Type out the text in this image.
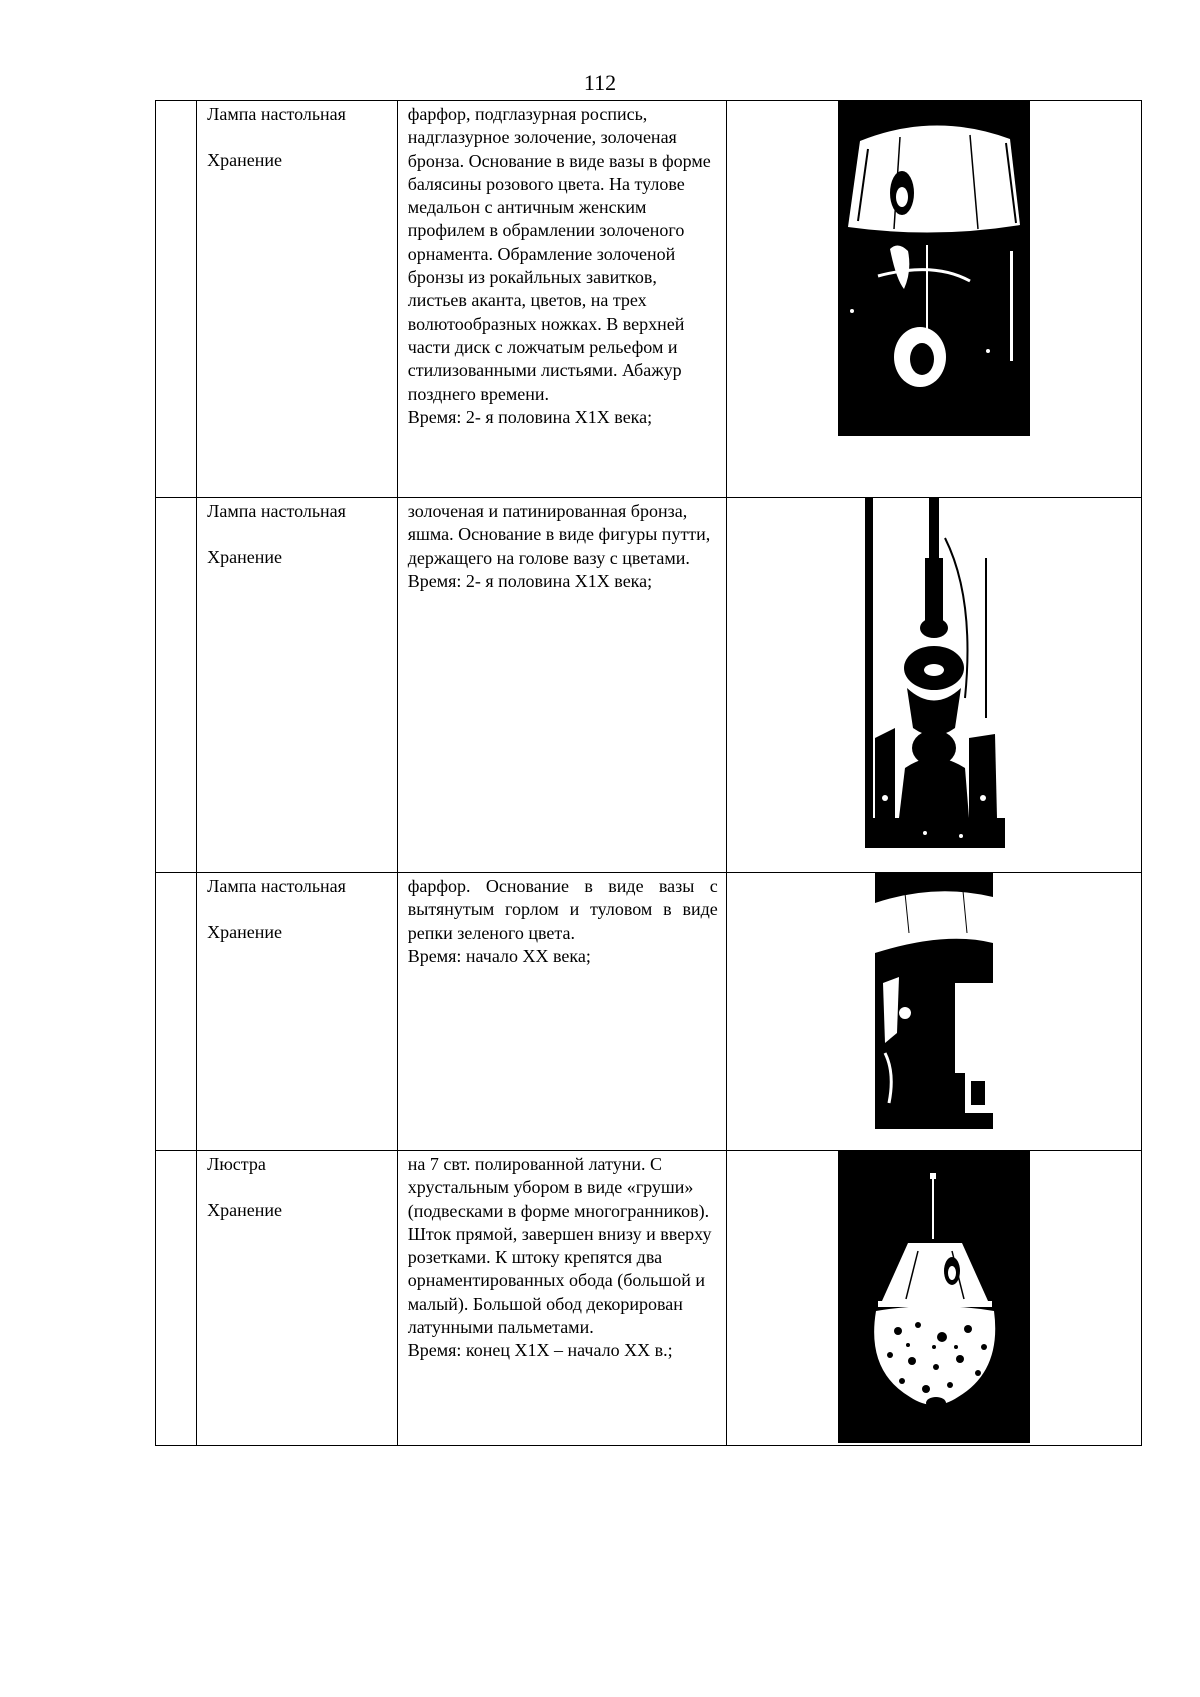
112
	Лампа настольная
Хранение	фарфор, подглазурная роспись, надглазурное золочение, золоченая бронза. Основание в виде вазы в форме балясины розового цвета. На тулове медальон с античным женским профилем в обрамлении золоченого орнамента. Обрамление золоченой бронзы из рокайльных завитков, листьев аканта, цветов, на трех волютообразных ножках. В верхней части диск с ложчатым рельефом и стилизованными листьями. Абажур позднего времени.
Время: 2- я половина Х1Х века;

	Лампа настольная
Хранение	золоченая и патинированная бронза, яшма. Основание в виде фигуры путти, держащего на голове вазу с цветами.
Время: 2- я половина Х1Х века;

	Лампа настольная
Хранение	фарфор. Основание в виде вазы с вытянутым горлом и туловом в виде репки зеленого цвета.
Время: начало ХХ века;

	Люстра
Хранение	на 7 свт. полированной латуни. С хрустальным убором в виде «груши» (подвесками в форме многогранников). Шток прямой, завершен внизу и вверху розетками. К штоку крепятся два орнаментированных обода (большой и малый). Большой обод декорирован латунными пальметами.
Время: конец Х1Х – начало ХХ в.;
